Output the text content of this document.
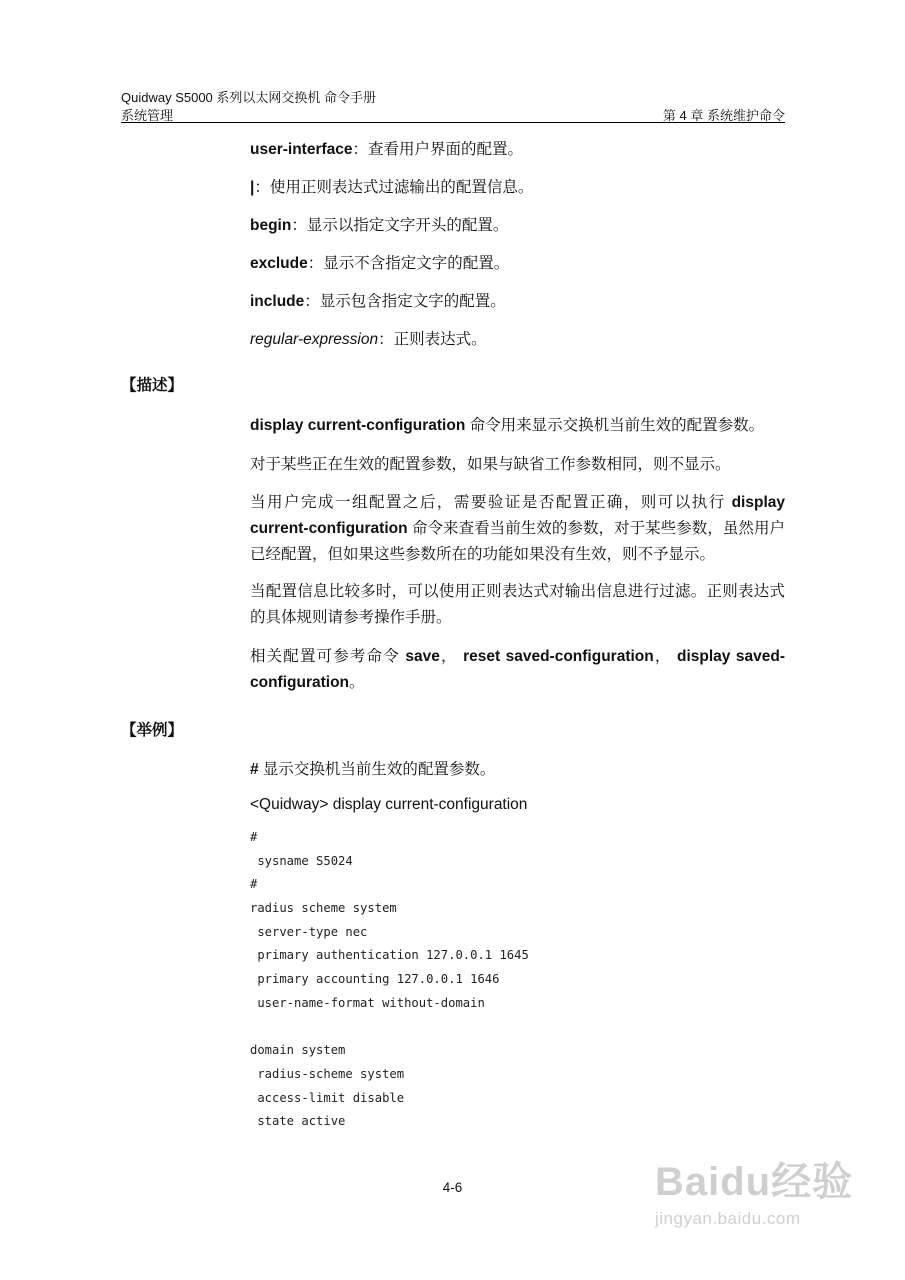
Quidway S5000 系列以太网交换机 命令手册
系统管理	第 4 章 系统维护命令
user-interface：查看用户界面的配置。
|：使用正则表达式过滤输出的配置信息。
begin：显示以指定文字开头的配置。
exclude：显示不含指定文字的配置。
include：显示包含指定文字的配置。
regular-expression：正则表达式。
【描述】
display current-configuration 命令用来显示交换机当前生效的配置参数。
对于某些正在生效的配置参数，如果与缺省工作参数相同，则不显示。
当用户完成一组配置之后，需要验证是否配置正确，则可以执行 display current-configuration 命令来查看当前生效的参数，对于某些参数，虽然用户已经配置，但如果这些参数所在的功能如果没有生效，则不予显示。
当配置信息比较多时，可以使用正则表达式对输出信息进行过滤。正则表达式的具体规则请参考操作手册。
相关配置可参考命令 save， reset saved-configuration， display saved-configuration。
【举例】
# 显示交换机当前生效的配置参数。
<Quidway> display current-configuration
#
sysname S5024
#
radius scheme system
server-type nec
primary authentication 127.0.0.1 1645
primary accounting 127.0.0.1 1646
user-name-format without-domain
domain system
radius-scheme system
access-limit disable
state active
4-6	Baidu经验
jingyan.baidu.com
